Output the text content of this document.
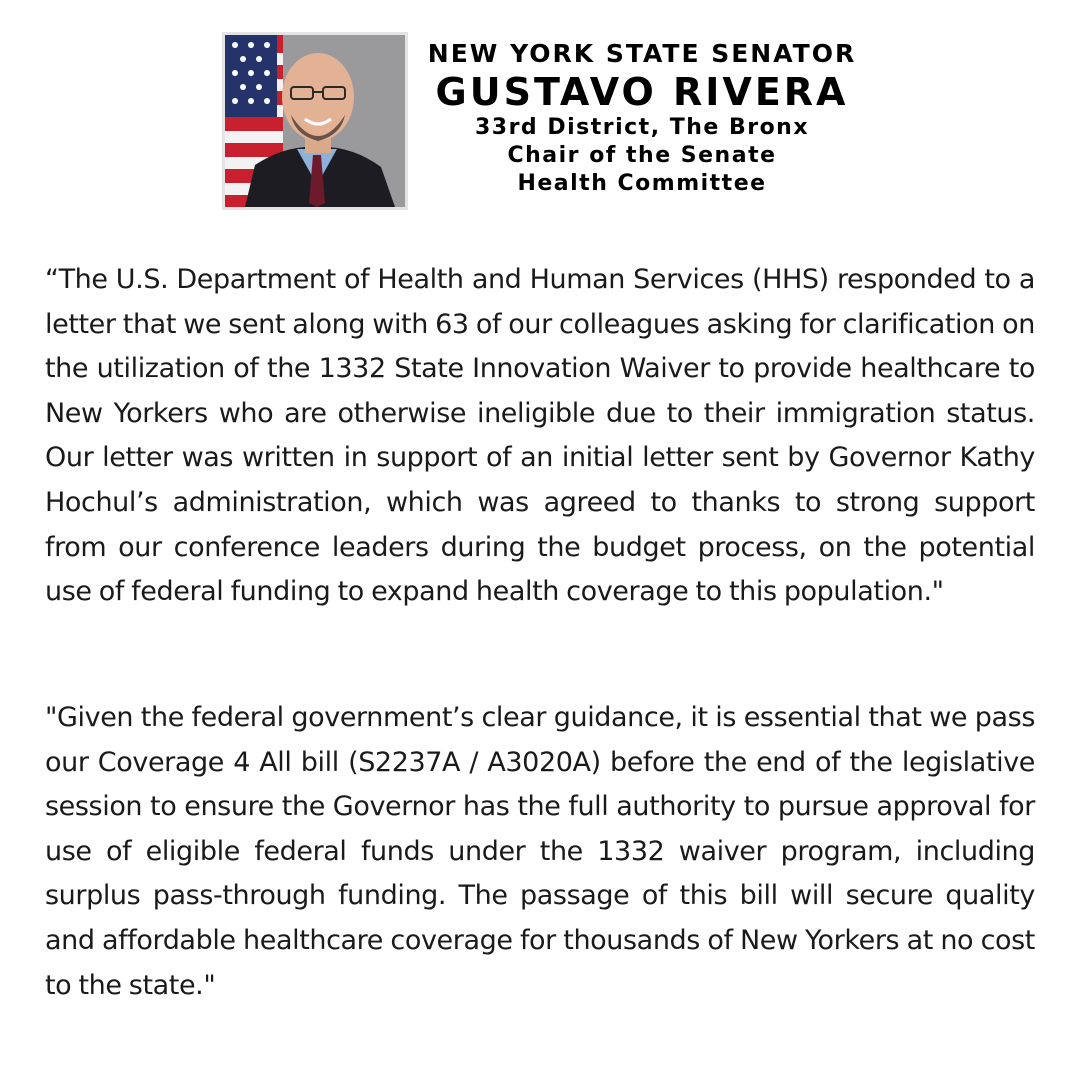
NEW YORK STATE SENATOR
GUSTAVO RIVERA
33rd District, The Bronx
Chair of the Senate
Health Committee

“The U.S. Department of Health and Human Services (HHS) responded to a letter that we sent along with 63 of our colleagues asking for clarification on the utilization of the 1332 State Innovation Waiver to provide healthcare to New Yorkers who are otherwise ineligible due to their immigration status. Our letter was written in support of an initial letter sent by Governor Kathy Hochul’s administration, which was agreed to thanks to strong support from our conference leaders during the budget process, on the potential use of federal funding to expand health coverage to this population."

"Given the federal government’s clear guidance, it is essential that we pass our Coverage 4 All bill (S2237A / A3020A) before the end of the legislative session to ensure the Governor has the full authority to pursue approval for use of eligible federal funds under the 1332 waiver program, including surplus pass-through funding. The passage of this bill will secure quality and affordable healthcare coverage for thousands of New Yorkers at no cost to the state."
